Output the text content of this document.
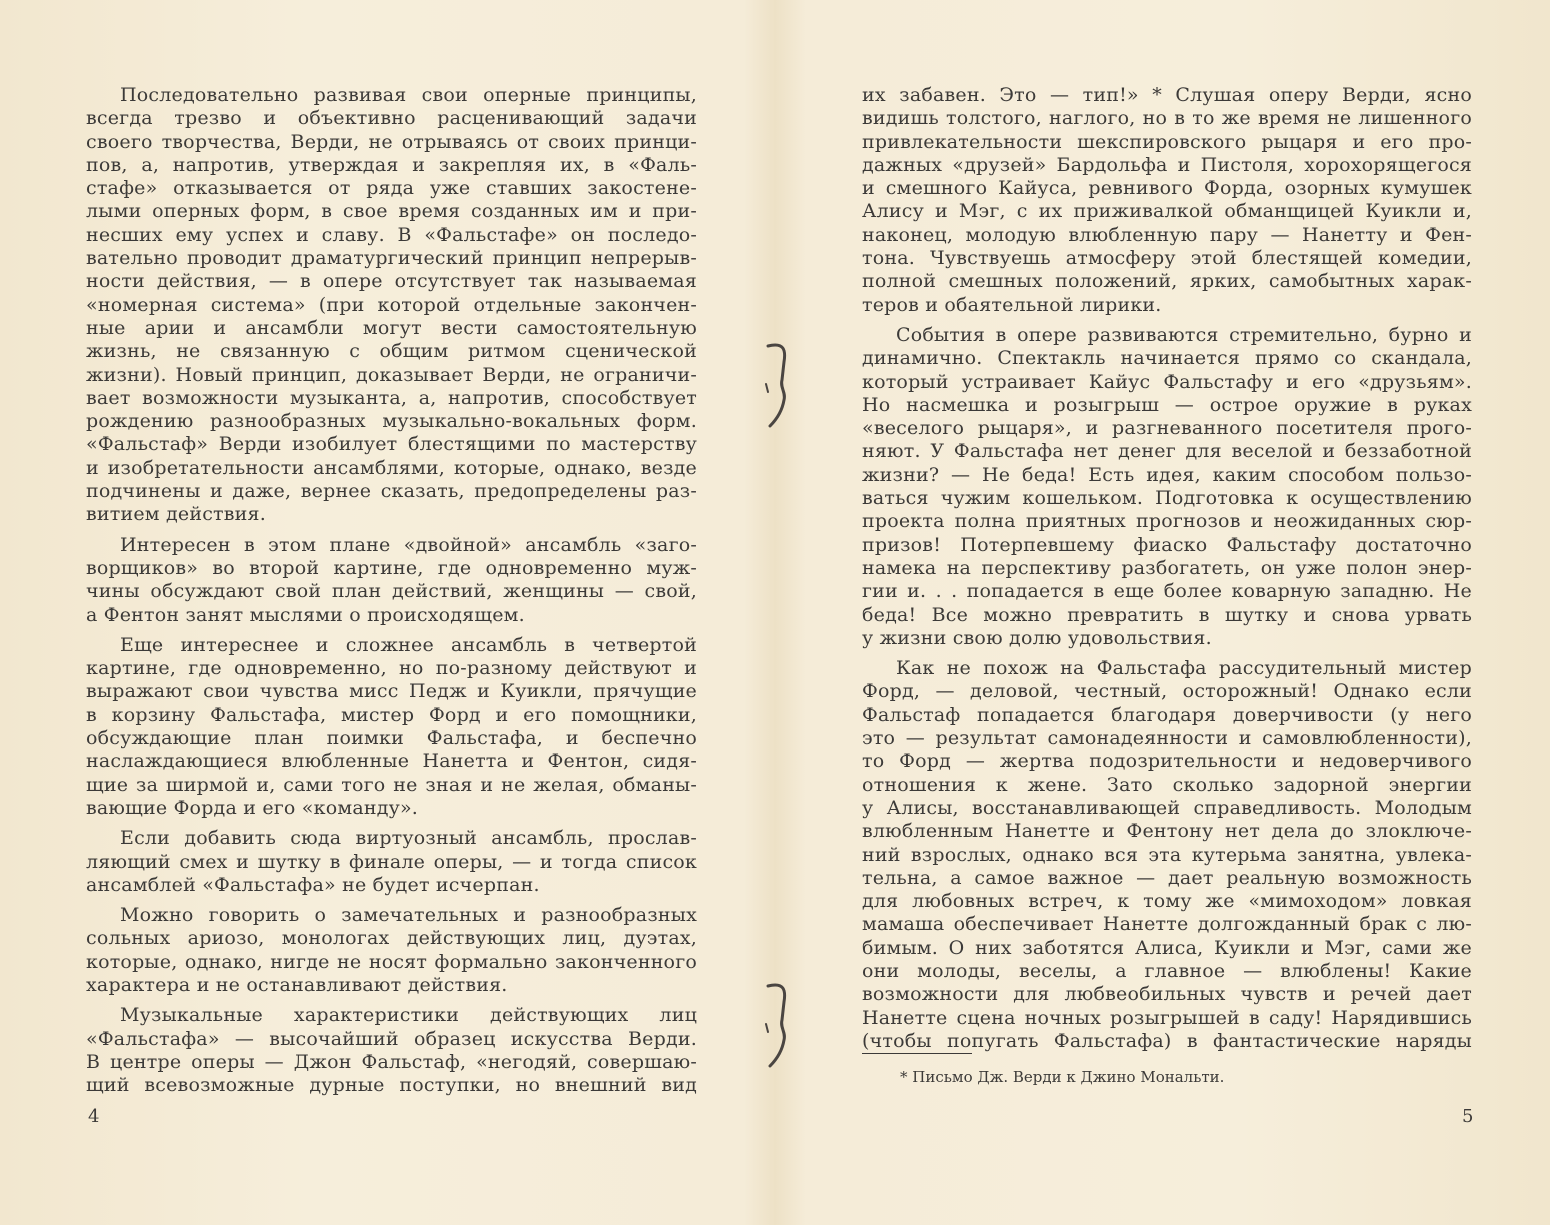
Последовательно развивая свои оперные принципы,
всегда трезво и объективно расценивающий задачи
своего творчества, Верди, не отрываясь от своих принци-
пов, а, напротив, утверждая и закрепляя их, в «Фаль-
стафе» отказывается от ряда уже ставших закостене-
лыми оперных форм, в свое время созданных им и при-
несших ему успех и славу. В «Фальстафе» он последо-
вательно проводит драматургический принцип непрерыв-
ности действия, — в опере отсутствует так называемая
«номерная система» (при которой отдельные закончен-
ные арии и ансамбли могут вести самостоятельную
жизнь, не связанную с общим ритмом сценической
жизни). Новый принцип, доказывает Верди, не ограничи-
вает возможности музыканта, а, напротив, способствует
рождению разнообразных музыкально-вокальных форм.
«Фальстаф» Верди изобилует блестящими по мастерству
и изобретательности ансамблями, которые, однако, везде
подчинены и даже, вернее сказать, предопределены раз-
витием действия.

Интересен в этом плане «двойной» ансамбль «заго-
ворщиков» во второй картине, где одновременно муж-
чины обсуждают свой план действий, женщины — свой,
а Фентон занят мыслями о происходящем.

Еще интереснее и сложнее ансамбль в четвертой
картине, где одновременно, но по-разному действуют и
выражают свои чувства мисс Педж и Куикли, прячущие
в корзину Фальстафа, мистер Форд и его помощники,
обсуждающие план поимки Фальстафа, и беспечно
наслаждающиеся влюбленные Нанетта и Фентон, сидя-
щие за ширмой и, сами того не зная и не желая, обманы-
вающие Форда и его «команду».

Если добавить сюда виртуозный ансамбль, прослав-
ляющий смех и шутку в финале оперы, — и тогда список
ансамблей «Фальстафа» не будет исчерпан.

Можно говорить о замечательных и разнообразных
сольных ариозо, монологах действующих лиц, дуэтах,
которые, однако, нигде не носят формально законченного
характера и не останавливают действия.

Музыкальные характеристики действующих лиц
«Фальстафа» — высочайший образец искусства Верди.
В центре оперы — Джон Фальстаф, «негодяй, совершаю-
щий всевозможные дурные поступки, но внешний вид

4

их забавен. Это — тип!» * Слушая оперу Верди, ясно
видишь толстого, наглого, но в то же время не лишенного
привлекательности шекспировского рыцаря и его про-
дажных «друзей» Бардольфа и Пистоля, хорохорящегося
и смешного Кайуса, ревнивого Форда, озорных кумушек
Алису и Мэг, с их приживалкой обманщицей Куикли и,
наконец, молодую влюбленную пару — Нанетту и Фен-
тона. Чувствуешь атмосферу этой блестящей комедии,
полной смешных положений, ярких, самобытных харак-
теров и обаятельной лирики.

События в опере развиваются стремительно, бурно и
динамично. Спектакль начинается прямо со скандала,
который устраивает Кайус Фальстафу и его «друзьям».
Но насмешка и розыгрыш — острое оружие в руках
«веселого рыцаря», и разгневанного посетителя прого-
няют. У Фальстафа нет денег для веселой и беззаботной
жизни? — Не беда! Есть идея, каким способом пользо-
ваться чужим кошельком. Подготовка к осуществлению
проекта полна приятных прогнозов и неожиданных сюр-
призов! Потерпевшему фиаско Фальстафу достаточно
намека на перспективу разбогатеть, он уже полон энер-
гии и. . . попадается в еще более коварную западню. Не
беда! Все можно превратить в шутку и снова урвать
у жизни свою долю удовольствия.

Как не похож на Фальстафа рассудительный мистер
Форд, — деловой, честный, осторожный! Однако если
Фальстаф попадается благодаря доверчивости (у него
это — результат самонадеянности и самовлюбленности),
то Форд — жертва подозрительности и недоверчивого
отношения к жене. Зато сколько задорной энергии
у Алисы, восстанавливающей справедливость. Молодым
влюбленным Нанетте и Фентону нет дела до злоключе-
ний взрослых, однако вся эта кутерьма занятна, увлека-
тельна, а самое важное — дает реальную возможность
для любовных встреч, к тому же «мимоходом» ловкая
мамаша обеспечивает Нанетте долгожданный брак с лю-
бимым. О них заботятся Алиса, Куикли и Мэг, сами же
они молоды, веселы, а главное — влюблены! Какие
возможности для любвеобильных чувств и речей дает
Нанетте сцена ночных розыгрышей в саду! Нарядившись
(чтобы попугать Фальстафа) в фантастические наряды

* Письмо Дж. Верди к Джино Мональти.
5
